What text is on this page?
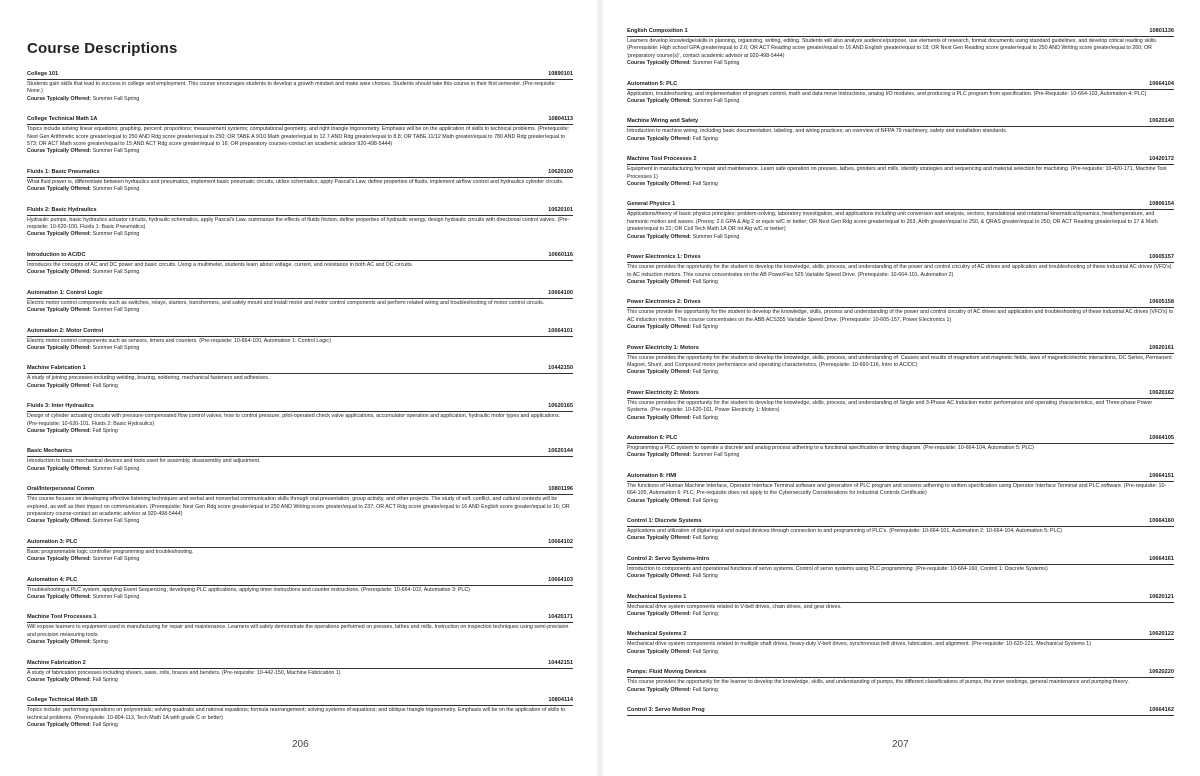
Course Descriptions
College 101	10890101
Students gain skills that lead to success in college and employment. This course encourages students to develop a growth mindset and make wise choices. Students should take this course in their first semester. (Pre-requisite: None.)
Course Typically Offered: Summer Fall Spring
College Technical Math 1A	10804113
Topics include solving linear equations; graphing, percent; proportions; measurement systems; computational geometry, and right triangle trigonometry. Emphasis will be on the application of skills to technical problems. (Prerequisite: Next Gen Arithmetic score greater/equal to 250 AND Rdg score greater/equal to 250; OR TABE A 9/10 Math greater/equal to 12.7 AND Rdg greater/equal to 8.8; OR TABE 11/12 Math greater/equal to 780 AND Rdg greater/equal to 573; OR ACT Math score greater/equal to 15 AND ACT Rdg score greater/equal to 16; OR preparatory courses-contact an academic advisor 920-498-5444)
Course Typically Offered: Summer Fall Spring
Fluids 1: Basic Pneumatics	10620100
What fluid power is, differentiate between hydraulics and pneumatics, implement basic pneumatic circuits, utilize schematics, apply Pascal's Law, define properties of fluids, implement airflow control and hydraulics cylinder circuits.
Course Typically Offered: Summer Fall Spring
Fluids 2: Basic Hydraulics	10620101
Hydraulic pumps, basic hydraulics actuator circuits, hydraulic schematics, apply Pascal's Law, summarize the effects of fluids friction, define properties of hydraulic energy, design hydraulic circuits with directional control valves. (Pre-requisite: 10-620-100, Fluids 1: Basic Pneumatics)
Course Typically Offered: Summer Fall Spring
Introduction to AC/DC	10660116
Introduces the concepts of AC and DC power and basic circuits. Using a multimeter, students learn about voltage, current, and resistance in both AC and DC circuits.
Course Typically Offered: Summer Fall Spring
Automation 1: Control Logic	10664100
Electric motor control components such as switches, relays, starters, transformers, and safely mount and install motor and motor control components and perform related wiring and troubleshooting of motor control circuits.
Course Typically Offered: Summer Fall Spring
Automation 2: Motor Control	10664101
Electric motor control components such as sensors, timers and counters. (Pre-requisite: 10-664-100, Automation 1: Control Logic)
Course Typically Offered: Summer Fall Spring
Machine Fabrication 1	10442150
A study of joining processes including welding, brazing, soldering, mechanical fasteners and adhesives.
Course Typically Offered: Fall Spring
Fluids 3: Inter Hydraulics	10620165
Design of cylinder actuating circuits with pressure-compensated flow control valves, how to control pressure, pilot-operated check valve applications, accumulator operation and application, hydraulic motor types and applications. (Pre-requisite: 10-620-101, Fluids 2: Basic Hydraulics)
Course Typically Offered: Fall Spring
Basic Mechanics	10620144
Introduction to basic mechanical devices and tools used for assembly, disassembly and adjustment.
Course Typically Offered: Summer Fall Spring
Oral/Interpersonal Comm	10801196
This course focuses on developing effective listening techniques and verbal and nonverbal communication skills through oral presentation, group activity, and other projects. The study of self, conflict, and cultural contexts will be explored, as well as their impact on communication. (Prerequisite: Next Gen Rdg score greater/equal to 250 AND Writing score greater/equal to 237; OR ACT Rdg score greater/equal to 16 AND English score greater/equal to 16; OR preparatory course-contact an academic advisor at 920-498-5444)
Course Typically Offered: Summer Fall Spring
Automation 3: PLC	10664102
Basic programmable logic controller programming and troubleshooting.
Course Typically Offered: Summer Fall Spring
Automation 4: PLC	10664103
Troubleshooting a PLC system, applying Event Sequencing, developing PLC applications, applying timer instructions and counter instructions. (Prerequisite: 10-664-102, Automation 3: PLC)
Course Typically Offered: Summer Fall Spring
Machine Tool Processes 1	10420171
Will expose learners to equipment used in manufacturing for repair and maintenance. Learners will safely demonstrate the operations performed on presses, lathes and mills. Instruction on inspection techniques using semi-precision and precision measuring tools.
Course Typically Offered: Spring
Machine Fabrication 2	10442151
A study of fabrication processes including shears, saws, rolls, braces and benders. (Pre-requisite: 10-442-150, Machine Fabrication 1)
Course Typically Offered: Fall Spring
College Technical Math 1B	10804114
Topics include: performing operations on polynomials; solving quadratic and rational equations; formula rearrangement; solving systems of equations; and oblique triangle trigonometry. Emphasis will be on the application of skills to technical problems. (Prerequisite: 10-804-113, Tech Math 1A with grade C or better)
Course Typically Offered: Fall Spring
206
English Composition 1	10801136
Learners develop knowledge/skills in planning, organizing, writing, editing. Students will also analyze audience/purpose, use elements of research, format documents using standard guidelines, and develop critical reading skills. (Prerequisite: High school GPA greater/equal to 2.6; OR ACT Reading score greater/equal to 16 AND English greater/equal to 18; OR Next Gen Reading score greater/equal to 250 AND Writing score greater/equal to 260; OR 'preparatory course(s)', contact academic advisor at 920-498-5444)
Course Typically Offered: Summer Fall Spring
Automation 5: PLC	10664104
Application, troubleshooting, and implementation of program control, math and data move instructions, analog I/O modules, and producing a PLC program from specification. (Pre-Requisite: 10-664-103, Automation 4: PLC)
Course Typically Offered: Summer Fall Spring
Machine Wiring and Safety	10620140
Introduction to machine wiring, including basic documentation, labeling, and wiring practices; an overview of NFPA 79 machinery, safety and installation standards.
Course Typically Offered: Fall Spring
Machine Tool Processes 2	10420172
Equipment in manufacturing for repair and maintenance. Learn safe operation on presses, lathes, grinders and mills. Identify strategies and sequencing and material selection for machining. (Pre-requisite: 10-420-171, Machine Tool Processes 1)
Course Typically Offered: Fall Spring
General Physics 1	10806154
Applications/theory of basic physics principles: problem-solving, laboratory investigation, and applications including unit conversion and analysis, vectors, translational and rotational kinematics/dynamics, heat/temperature, and harmonic motion and waves. (Prereq: 2.6 GPA & Alg 2 or equiv w/C or better; OR Next Gen Rdg score greater/equal to 263, Arith greater/equal to 250, & QRAS greater/equal to 250; OR ACT Reading greater/equal to 17 & Math greater/equal to 21; OR Coll Tech Math 1A OR Int Alg w/C or better)
Course Typically Offered: Summer Fall Spring
Power Electronics 1: Drives	10605157
This course provides the opportunity for the student to develop the knowledge, skills, process, and understanding of the power and control circuitry of AC drives and application and troubleshooting of these industrial AC drives (VFD's) to AC induction motors. This course concentrates on the AB PowerFlex 525 Variable Speed Drive. (Prerequisite: 10-664-101, Automation 2)
Course Typically Offered: Fall Spring
Power Electronics 2: Drives	10605158
This course provide the opportunity for the student to develop the knowledge, skills, process and understanding of the power and control circuitry of AC drives and application and troubleshooting of these industrial AC drives (VFD's) to AC induction motors. This course concentrates on the ABB ACS355 Variable Speed Drive. (Prerequisite: 10-605-157, Power Electronics 1)
Course Typically Offered: Fall Spring
Power Electricity 1: Motors	10620161
This course provides the opportunity for the student to develop the knowledge, skills, process, and understanding of: Causes and results of magnetism and magnetic fields, laws of magnetic/electric interactions, DC Series, Permanent Magnet, Shunt, and Compound motor performance and operating characteristics. (Prerequisite: 10-660-116, Intro to AC/DC)
Course Typically Offered: Fall Spring
Power Electricity 2: Motors	10620162
This course provides the opportunity for the student to develop the knowledge, skills, process, and understanding of Single and 3-Phase AC Induction motor performance and operating characteristics, and Three-phase Power Systems. (Pre-requisite: 10-620-161, Power Electricity 1: Motors)
Course Typically Offered: Fall Spring
Automation 6: PLC	10664105
Programming a PLC system to operate a discrete and analog process adhering to a functional specification or timing diagram. (Pre-requisite: 10-664-104, Automation 5: PLC)
Course Typically Offered: Summer Fall Spring
Automation 8: HMI	10664151
The functions of Human Machine Interface, Operator Interface Terminal software and generation of PLC program and screens adhering to written specification using Operator Interface Terminal and PLC software. (Pre-requisite: 10-664-105, Automation 6: PLC; Pre-requisite does not apply to the Cybersecurity Considerations for Industrial Controls Certificate)
Course Typically Offered: Fall Spring
Control 1: Discrete Systems	10664160
Applications and utilization of digital input and output devices through connection to and programming of PLC's. (Prerequisite: 10-664-101, Automation 2; 10-664-104, Automation 5: PLC)
Course Typically Offered: Fall Spring
Control 2: Servo Systems-Intro	10664161
Introduction to components and operational functions of servo systems. Control of servo systems using PLC programming. (Pre-requisite: 10-664-160, Control 1: Discrete Systems)
Course Typically Offered: Fall Spring
Mechanical Systems 1	10620121
Mechanical drive system components related to V-belt drives, chain drives, and gear drives.
Course Typically Offered: Fall Spring
Mechanical Systems 2	10620122
Mechanical drive system components related to multiple shaft drives, heavy-duty V-belt drives, synchronous belt drives, lubrication, and alignment. (Pre-requisite: 10-620-121, Mechanical Systems 1)
Course Typically Offered: Fall Spring
Pumps: Fluid Moving Devices	10620220
This course provides the opportunity for the learner to develop the knowledge, skills, and understanding of pumps, the different classifications of pumps, the inner workings, general maintenance and pumping theory.
Course Typically Offered: Fall Spring
Control 3: Servo Motion Prog	10664162
207
